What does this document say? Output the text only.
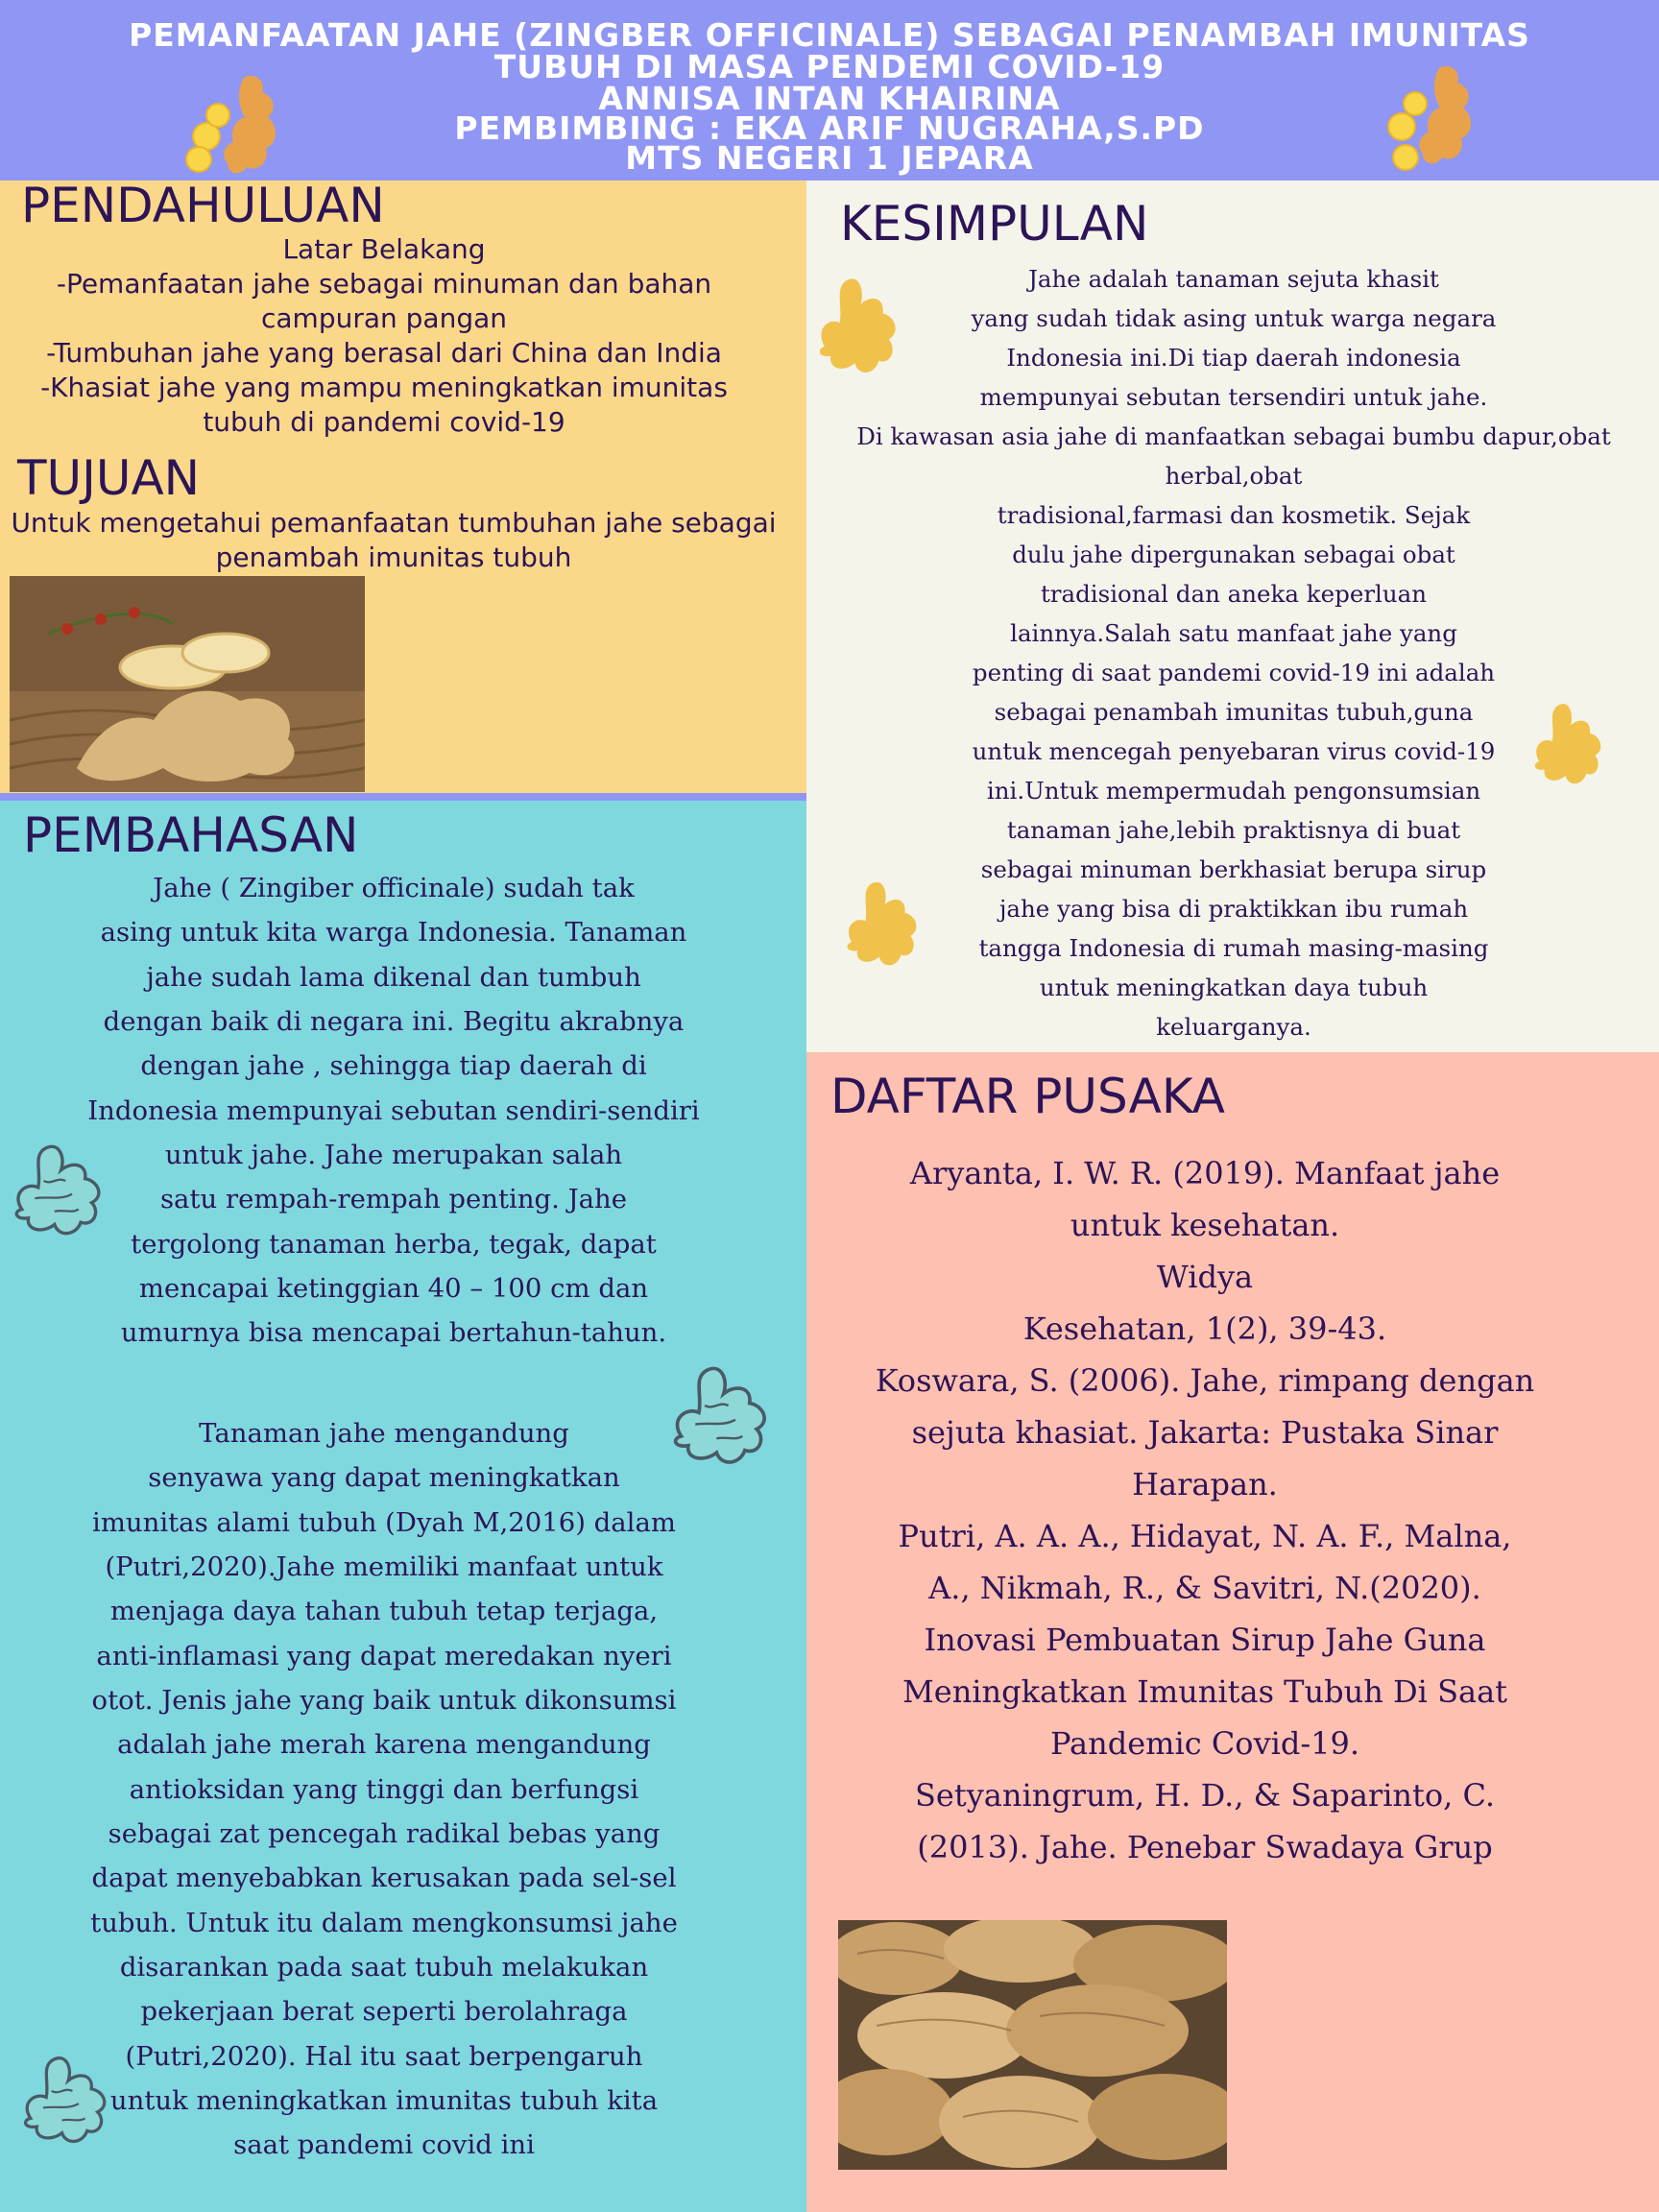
PEMANFAATAN JAHE (ZINGBER OFFICINALE) SEBAGAI PENAMBAH IMUNITAS
TUBUH DI MASA PENDEMI COVID-19
ANNISA INTAN KHAIRINA
PEMBIMBING : EKA ARIF NUGRAHA,S.PD
MTS NEGERI 1 JEPARA
PENDAHULUAN
Latar Belakang
-Pemanfaatan jahe sebagai minuman dan bahan
campuran pangan
-Tumbuhan jahe yang berasal dari China dan India
-Khasiat jahe yang mampu meningkatkan imunitas
tubuh di pandemi covid-19
TUJUAN
Untuk mengetahui pemanfaatan tumbuhan jahe sebagai
penambah imunitas tubuh
PEMBAHASAN
Jahe ( Zingiber officinale) sudah tak
asing untuk kita warga Indonesia. Tanaman
jahe sudah lama dikenal dan tumbuh
dengan baik di negara ini. Begitu akrabnya
dengan jahe , sehingga tiap daerah di
Indonesia mempunyai sebutan sendiri-sendiri
untuk jahe. Jahe merupakan salah
satu rempah-rempah penting. Jahe
tergolong tanaman herba, tegak, dapat
mencapai ketinggian 40 – 100 cm dan
umurnya bisa mencapai bertahun-tahun.
Tanaman jahe mengandung
senyawa yang dapat meningkatkan
imunitas alami tubuh (Dyah M,2016) dalam
(Putri,2020).Jahe memiliki manfaat untuk
menjaga daya tahan tubuh tetap terjaga,
anti-inflamasi yang dapat meredakan nyeri
otot. Jenis jahe yang baik untuk dikonsumsi
adalah jahe merah karena mengandung
antioksidan yang tinggi dan berfungsi
sebagai zat pencegah radikal bebas yang
dapat menyebabkan kerusakan pada sel-sel
tubuh. Untuk itu dalam mengkonsumsi jahe
disarankan pada saat tubuh melakukan
pekerjaan berat seperti berolahraga
(Putri,2020). Hal itu saat berpengaruh
untuk meningkatkan imunitas tubuh kita
saat pandemi covid ini
KESIMPULAN
Jahe adalah tanaman sejuta khasit
yang sudah tidak asing untuk warga negara
Indonesia ini.Di tiap daerah indonesia
mempunyai sebutan tersendiri untuk jahe.
Di kawasan asia jahe di manfaatkan sebagai bumbu dapur,obat
herbal,obat
tradisional,farmasi dan kosmetik. Sejak
dulu jahe dipergunakan sebagai obat
tradisional dan aneka keperluan
lainnya.Salah satu manfaat jahe yang
penting di saat pandemi covid-19 ini adalah
sebagai penambah imunitas tubuh,guna
untuk mencegah penyebaran virus covid-19
ini.Untuk mempermudah pengonsumsian
tanaman jahe,lebih praktisnya di buat
sebagai minuman berkhasiat berupa sirup
jahe yang bisa di praktikkan ibu rumah
tangga Indonesia di rumah masing-masing
untuk meningkatkan daya tubuh
keluarganya.
DAFTAR PUSAKA
Aryanta, I. W. R. (2019). Manfaat jahe
untuk kesehatan.
Widya
Kesehatan, 1(2), 39-43.
Koswara, S. (2006). Jahe, rimpang dengan
sejuta khasiat. Jakarta: Pustaka Sinar
Harapan.
Putri, A. A. A., Hidayat, N. A. F., Malna,
A., Nikmah, R., & Savitri, N.(2020).
Inovasi Pembuatan Sirup Jahe Guna
Meningkatkan Imunitas Tubuh Di Saat
Pandemic Covid-19.
Setyaningrum, H. D., & Saparinto, C.
(2013). Jahe. Penebar Swadaya Grup
